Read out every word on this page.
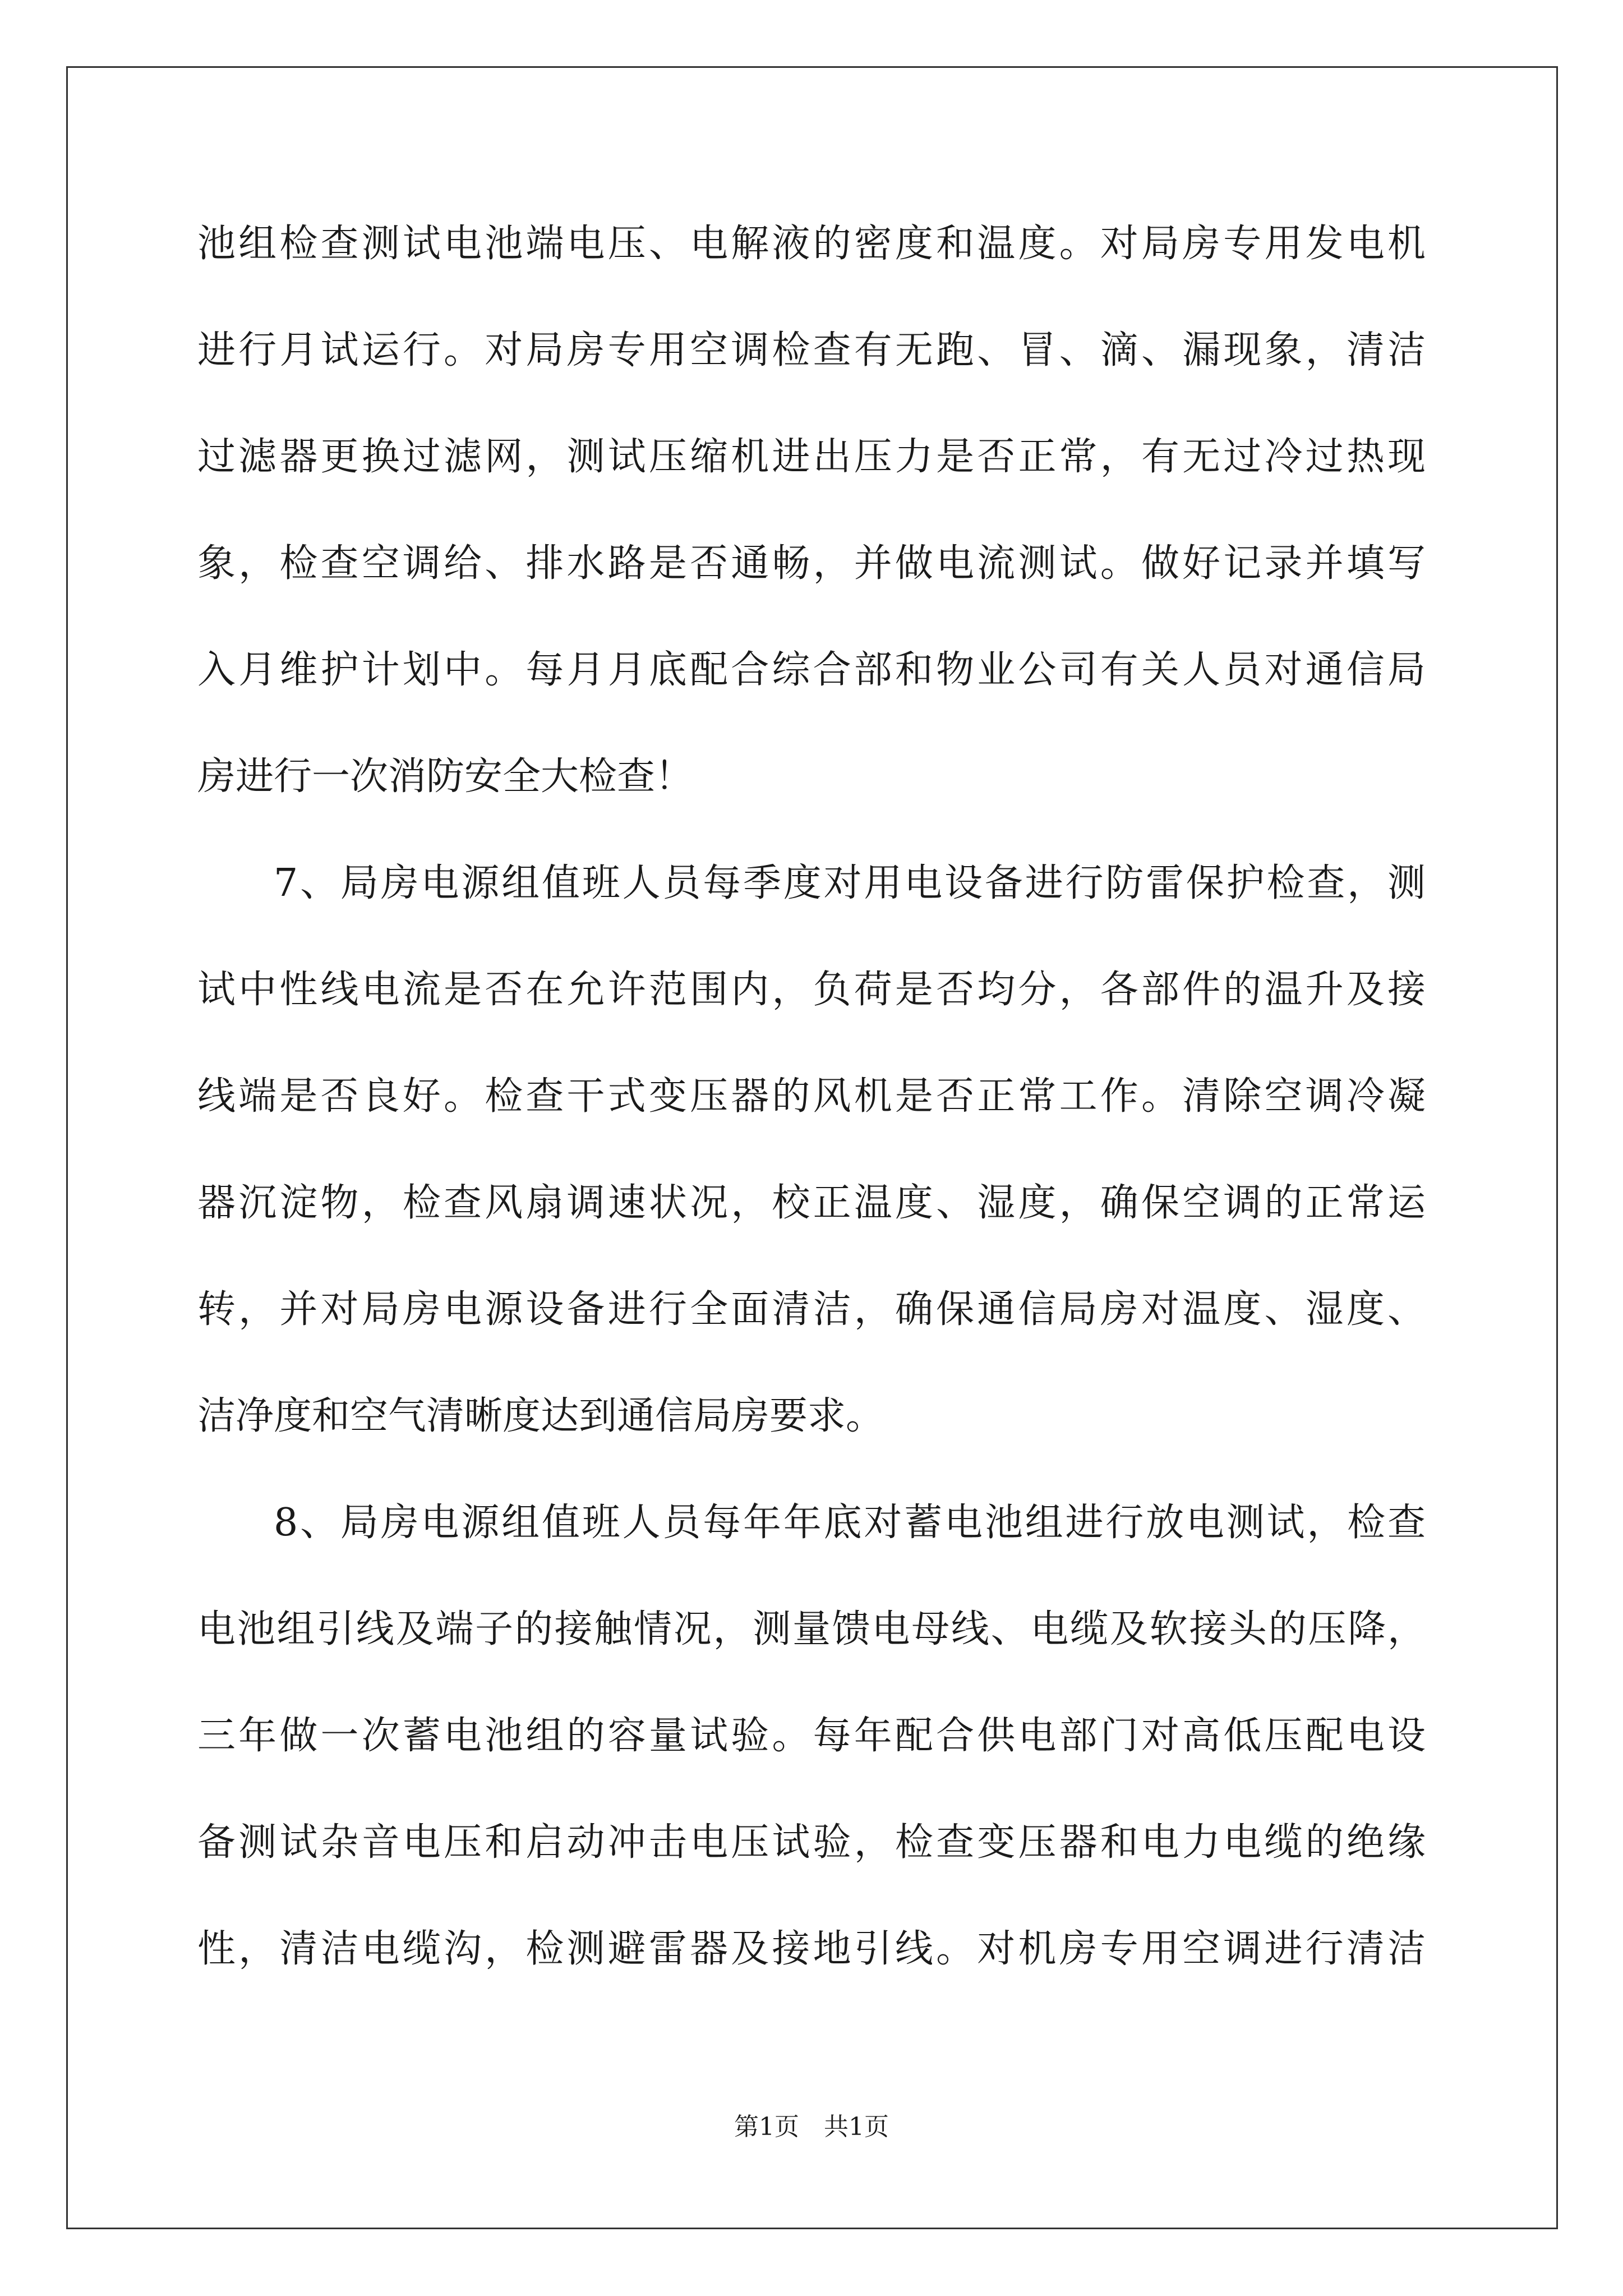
池组检查测试电池端电压、电解液的密度和温度。对局房专用发电机
进行月试运行。对局房专用空调检查有无跑、冒、滴、漏现象，清洁
过滤器更换过滤网，测试压缩机进出压力是否正常，有无过冷过热现
象，检查空调给、排水路是否通畅，并做电流测试。做好记录并填写
入月维护计划中。每月月底配合综合部和物业公司有关人员对通信局
房进行一次消防安全大检查！
7、局房电源组值班人员每季度对用电设备进行防雷保护检查，测
试中性线电流是否在允许范围内，负荷是否均分，各部件的温升及接
线端是否良好。检查干式变压器的风机是否正常工作。清除空调冷凝
器沉淀物，检查风扇调速状况，校正温度、湿度，确保空调的正常运
转，并对局房电源设备进行全面清洁，确保通信局房对温度、湿度、
洁净度和空气清晰度达到通信局房要求。
8、局房电源组值班人员每年年底对蓄电池组进行放电测试，检查
电池组引线及端子的接触情况，测量馈电母线、电缆及软接头的压降，
三年做一次蓄电池组的容量试验。每年配合供电部门对高低压配电设
备测试杂音电压和启动冲击电压试验，检查变压器和电力电缆的绝缘
性，清洁电缆沟，检测避雷器及接地引线。对机房专用空调进行清洁
第1页　共1页
